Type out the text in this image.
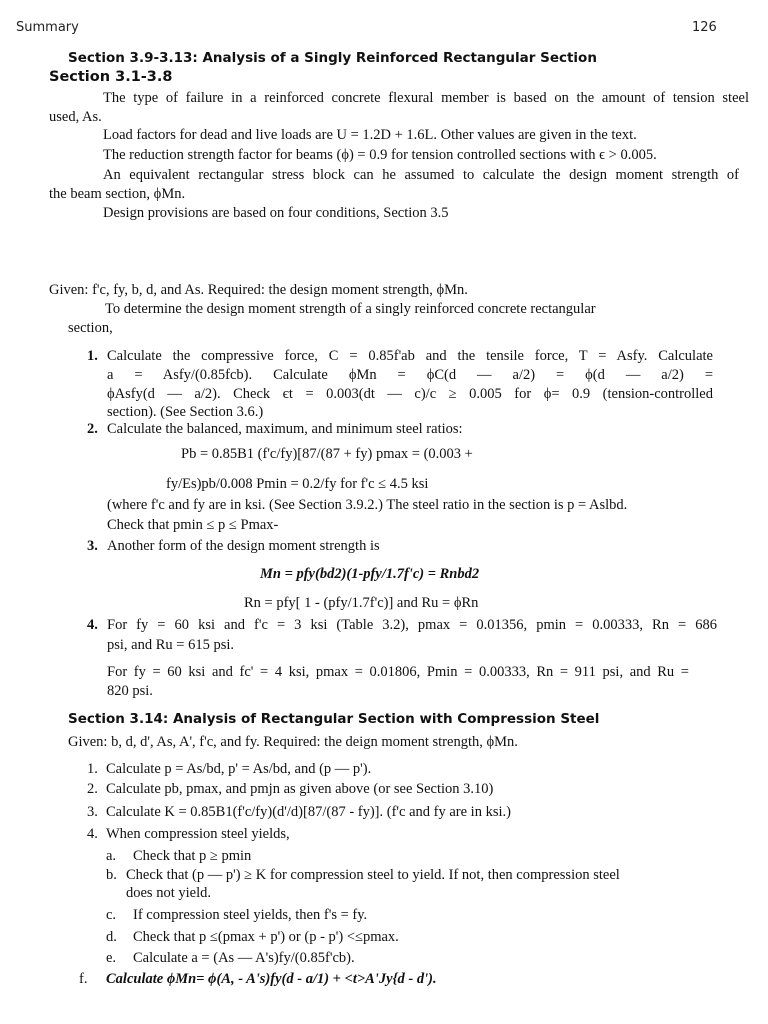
Summary	126
Section 3.9-3.13: Analysis of a Singly Reinforced Rectangular Section
Section 3.1-3.8
The type of failure in a reinforced concrete flexural member is based on the amount of tension steel
used, As.
Load factors for dead and live loads are U = 1.2D + 1.6L. Other values are given in the text.
The reduction strength factor for beams (ϕ) = 0.9 for tension controlled sections with ϵ > 0.005.
An equivalent rectangular stress block can he assumed to calculate the design moment strength of
the beam section, ϕMn.
Design provisions are based on four conditions, Section 3.5
Given: f'c, fy, b, d, and As. Required: the design moment strength, ϕMn.
To determine the design moment strength of a singly reinforced concrete rectangular
section,
1. Calculate the compressive force, C = 0.85f'ab and the tensile force, T = Asfy. Calculate
a = Asfy/(0.85fcb). Calculate ϕMn = ϕC(d — a/2) = ϕ(d — a/2) =
ϕAsfy(d — a/2). Check єt = 0.003(dt — c)/c ≥ 0.005 for ϕ= 0.9 (tension-controlled
section). (See Section 3.6.)
2. Calculate the balanced, maximum, and minimum steel ratios:
Pb = 0.85B1 (f'c/fy)[87/(87 + fy) pmax = (0.003 +
fy/Es)pb/0.008 Pmin = 0.2/fy for f'c ≤ 4.5 ksi
(where f'c and fy are in ksi. (See Section 3.9.2.) The steel ratio in the section is p = Aslbd.
Check that pmin ≤ p ≤ Pmax-
3. Another form of the design moment strength is
Mn = pfy(bd2)(1-pfy/1.7f'c) = Rnbd2
Rn = pfy[ 1 - (pfy/1.7f'c)] and Ru = ϕRn
4. For fy = 60 ksi and f'c = 3 ksi (Table 3.2), pmax = 0.01356, pmin = 0.00333, Rn = 686
psi, and Ru = 615 psi.
For fy = 60 ksi and fc' = 4 ksi, pmax = 0.01806, Pmin = 0.00333, Rn = 911 psi, and Ru =
820 psi.
Section 3.14: Analysis of Rectangular Section with Compression Steel
Given: b, d, d', As, A', f'c, and fy. Required: the deign moment strength, ϕMn.
1. Calculate p = As/bd, p' = As/bd, and (p — p').
2. Calculate pb, pmax, and pmjn as given above (or see Section 3.10)
3. Calculate K = 0.85B1(f'c/fy)(d'/d)[87/(87 - fy)]. (f'c and fy are in ksi.)
4. When compression steel yields,
a. Check that p ≥ pmin
b. Check that (p — p') ≥ K for compression steel to yield. If not, then compression steel
does not yield.
c. If compression steel yields, then f's = fy.
d. Check that p ≤(pmax + p') or (p - p') <≤pmax.
e. Calculate a = (As — A's)fy/(0.85f'cb).
f. Calculate ϕMn= ϕ(A, - A's)fy(d - a/1) + <t>A'Jy{d - d').
